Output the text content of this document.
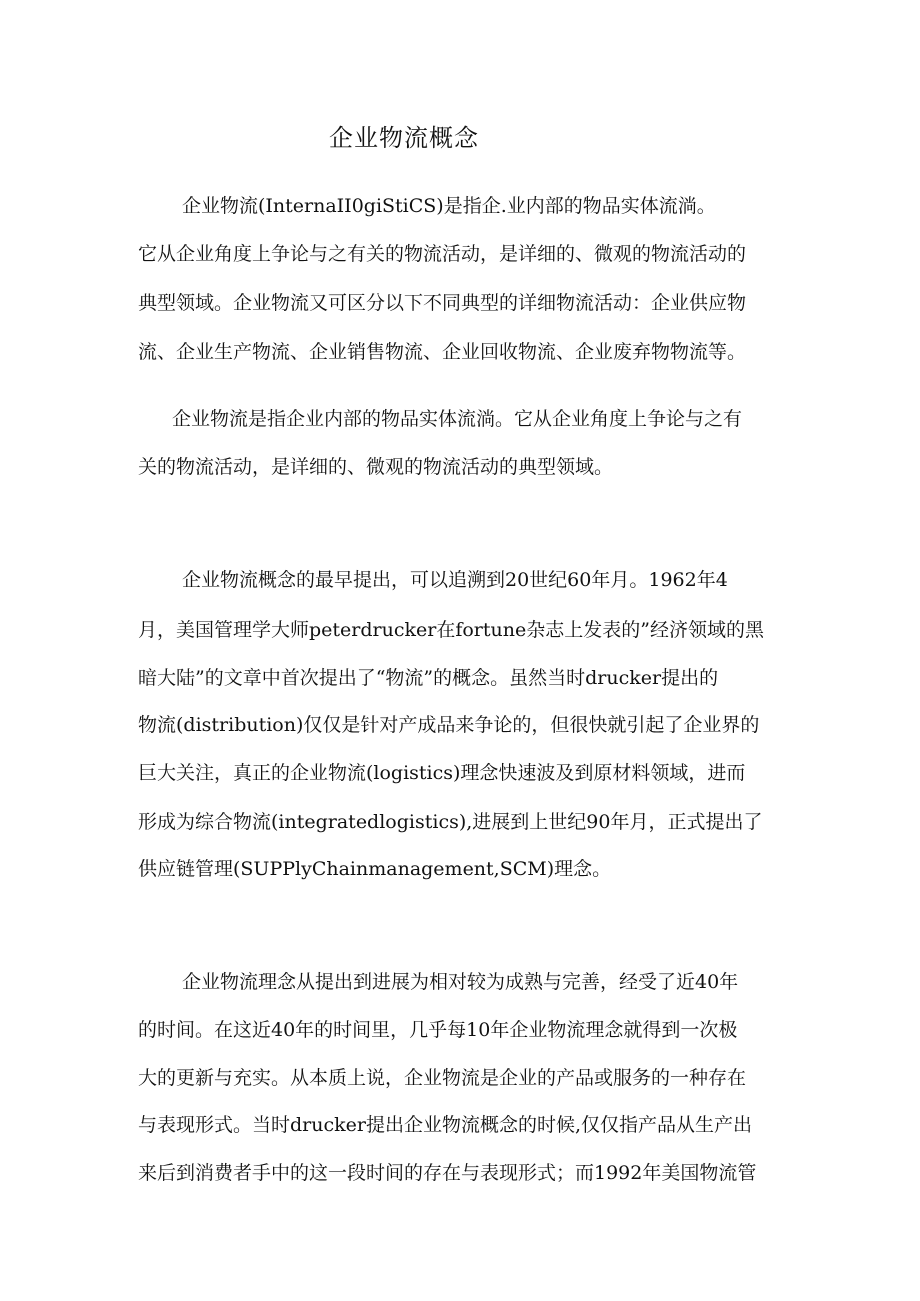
企业物流概念
企业物流(InternaII0giStiCS)是指企.业内部的物品实体流淌。
它从企业角度上争论与之有关的物流活动，是详细的、微观的物流活动的
典型领域。企业物流又可区分以下不同典型的详细物流活动：企业供应物
流、企业生产物流、企业销售物流、企业回收物流、企业废弃物物流等。
企业物流是指企业内部的物品实体流淌。它从企业角度上争论与之有
关的物流活动，是详细的、微观的物流活动的典型领域。
企业物流概念的最早提出，可以追溯到20世纪60年月。1962年4
月，美国管理学大师peterdrucker在fortune杂志上发表的”经济领域的黑
暗大陆”的文章中首次提出了“物流”的概念。虽然当时drucker提出的
物流(distribution)仅仅是针对产成品来争论的，但很快就引起了企业界的
巨大关注，真正的企业物流(logistics)理念快速波及到原材料领域，进而
形成为综合物流(integratedlogistics),进展到上世纪90年月，正式提出了
供应链管理(SUPPlyChainmanagement,SCM)理念。
企业物流理念从提出到进展为相对较为成熟与完善，经受了近40年
的时间。在这近40年的时间里，几乎每10年企业物流理念就得到一次极
大的更新与充实。从本质上说，企业物流是企业的产品或服务的一种存在
与表现形式。当时drucker提出企业物流概念的时候,仅仅指产品从生产出
来后到消费者手中的这一段时间的存在与表现形式；而1992年美国物流管
